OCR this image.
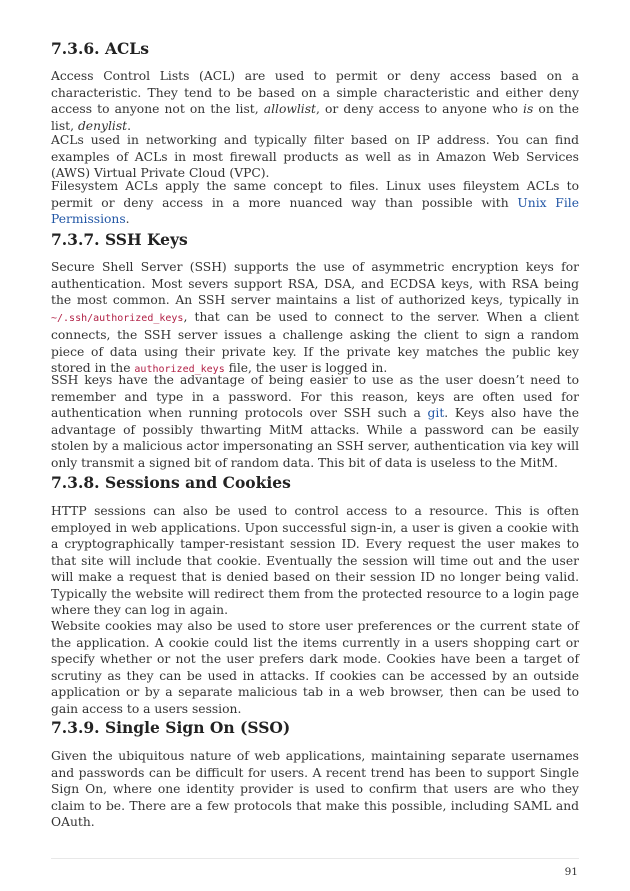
7.3.6. ACLs

Access Control Lists (ACL) are used to permit or deny access based on a characteristic. They tend to be based on a simple characteristic and either deny access to anyone not on the list, allowlist, or deny access to anyone who is on the list, denylist.

ACLs used in networking and typically filter based on IP address. You can find examples of ACLs in most firewall products as well as in Amazon Web Services (AWS) Virtual Private Cloud (VPC).

Filesystem ACLs apply the same concept to files. Linux uses fileystem ACLs to permit or deny access in a more nuanced way than possible with Unix File Permissions.

7.3.7. SSH Keys

Secure Shell Server (SSH) supports the use of asymmetric encryption keys for authentication. Most severs support RSA, DSA, and ECDSA keys, with RSA being the most common. An SSH server maintains a list of authorized keys, typically in ~/.ssh/authorized_keys, that can be used to connect to the server. When a client connects, the SSH server issues a challenge asking the client to sign a random piece of data using their private key. If the private key matches the public key stored in the authorized_keys file, the user is logged in.

SSH keys have the advantage of being easier to use as the user doesn’t need to remember and type in a password. For this reason, keys are often used for authentication when running protocols over SSH such a git. Keys also have the advantage of possibly thwarting MitM attacks. While a password can be easily stolen by a malicious actor impersonating an SSH server, authentication via key will only transmit a signed bit of random data. This bit of data is useless to the MitM.

7.3.8. Sessions and Cookies

HTTP sessions can also be used to control access to a resource. This is often employed in web applications. Upon successful sign-in, a user is given a cookie with a cryptographically tamper-resistant session ID. Every request the user makes to that site will include that cookie. Eventually the session will time out and the user will make a request that is denied based on their session ID no longer being valid. Typically the website will redirect them from the protected resource to a login page where they can log in again.

Website cookies may also be used to store user preferences or the current state of the application. A cookie could list the items currently in a users shopping cart or specify whether or not the user prefers dark mode. Cookies have been a target of scrutiny as they can be used in attacks. If cookies can be accessed by an outside application or by a separate malicious tab in a web browser, then can be used to gain access to a users session.

7.3.9. Single Sign On (SSO)

Given the ubiquitous nature of web applications, maintaining separate usernames and passwords can be difficult for users. A recent trend has been to support Single Sign On, where one identity provider is used to confirm that users are who they claim to be. There are a few protocols that make this possible, including SAML and OAuth.

91
